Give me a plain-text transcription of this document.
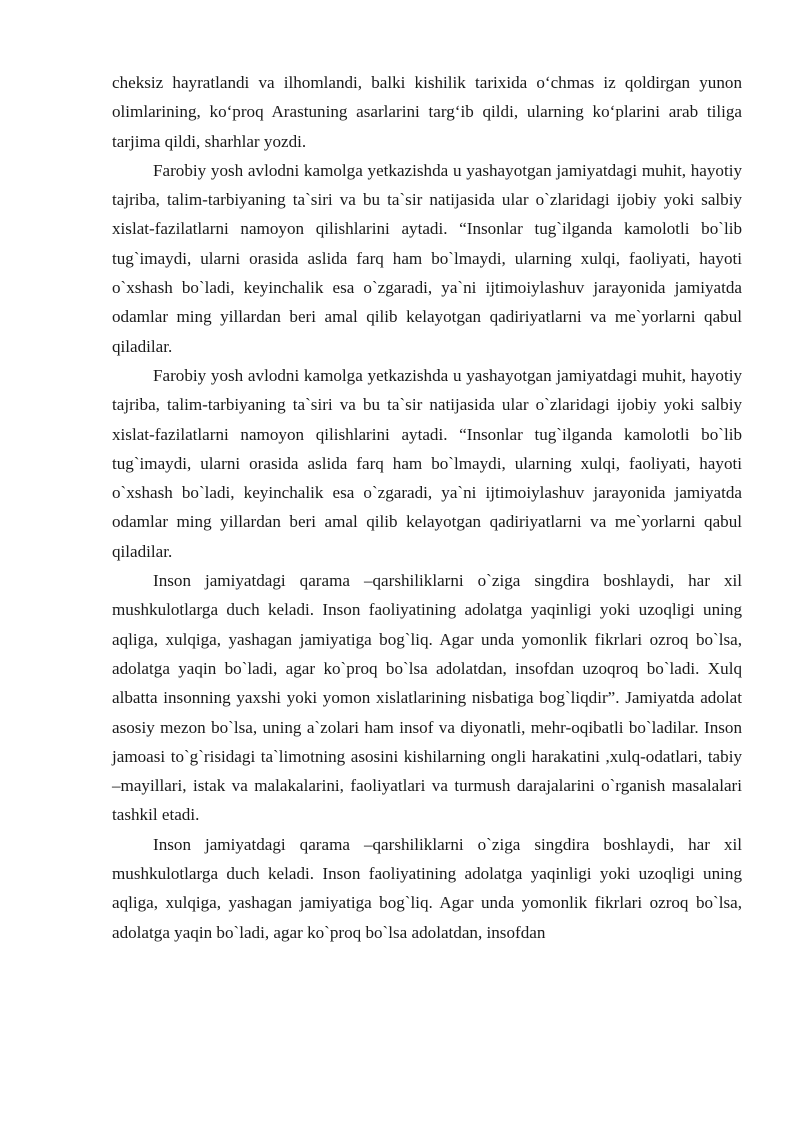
cheksiz hayratlandi va ilhomlandi, balki kishilik tarixida o‘chmas iz qoldirgan yunon olimlarining, ko‘proq Arastuning asarlarini targ‘ib qildi, ularning ko‘plarini arab tiliga tarjima qildi, sharhlar yozdi.

Farobiy yosh avlodni kamolga yetkazishda u yashayotgan jamiyatdagi muhit, hayotiy tajriba, talim-tarbiyaning ta`siri va bu ta`sir natijasida ular o`zlaridagi ijobiy yoki salbiy xislat-fazilatlarni namoyon qilishlarini aytadi. “Insonlar tug`ilganda kamolotli bo`lib tug`imaydi, ularni orasida aslida farq ham bo`lmaydi, ularning xulqi, faoliyati, hayoti o`xshash bo`ladi, keyinchalik esa o`zgaradi, ya`ni ijtimoiylashuv jarayonida jamiyatda odamlar ming yillardan beri amal qilib kelayotgan qadiriyatlarni va me`yorlarni qabul qiladilar.

Farobiy yosh avlodni kamolga yetkazishda u yashayotgan jamiyatdagi muhit, hayotiy tajriba, talim-tarbiyaning ta`siri va bu ta`sir natijasida ular o`zlaridagi ijobiy yoki salbiy xislat-fazilatlarni namoyon qilishlarini aytadi. “Insonlar tug`ilganda kamolotli bo`lib tug`imaydi, ularni orasida aslida farq ham bo`lmaydi, ularning xulqi, faoliyati, hayoti o`xshash bo`ladi, keyinchalik esa o`zgaradi, ya`ni ijtimoiylashuv jarayonida jamiyatda odamlar ming yillardan beri amal qilib kelayotgan qadiriyatlarni va me`yorlarni qabul qiladilar.

Inson jamiyatdagi qarama –qarshiliklarni o`ziga singdira boshlaydi, har xil mushkulotlarga duch keladi. Inson faoliyatining adolatga yaqinligi yoki uzoqligi uning aqliga, xulqiga, yashagan jamiyatiga bog`liq. Agar unda yomonlik fikrlari ozroq bo`lsa, adolatga yaqin bo`ladi, agar ko`proq bo`lsa adolatdan, insofdan uzoqroq bo`ladi. Xulq albatta insonning yaxshi yoki yomon xislatlarining nisbatiga bog`liqdir”. Jamiyatda adolat asosiy mezon bo`lsa, uning a`zolari ham insof va diyonatli, mehr-oqibatli bo`ladilar. Inson jamoasi to`g`risidagi ta`limotning asosini kishilarning ongli harakatini ,xulq-odatlari, tabiy –mayillari, istak va malakalarini, faoliyatlari va turmush darajalarini o`rganish masalalari tashkil etadi.

Inson jamiyatdagi qarama –qarshiliklarni o`ziga singdira boshlaydi, har xil mushkulotlarga duch keladi. Inson faoliyatining adolatga yaqinligi yoki uzoqligi uning aqliga, xulqiga, yashagan jamiyatiga bog`liq. Agar unda yomonlik fikrlari ozroq bo`lsa, adolatga yaqin bo`ladi, agar ko`proq bo`lsa adolatdan, insofdan
